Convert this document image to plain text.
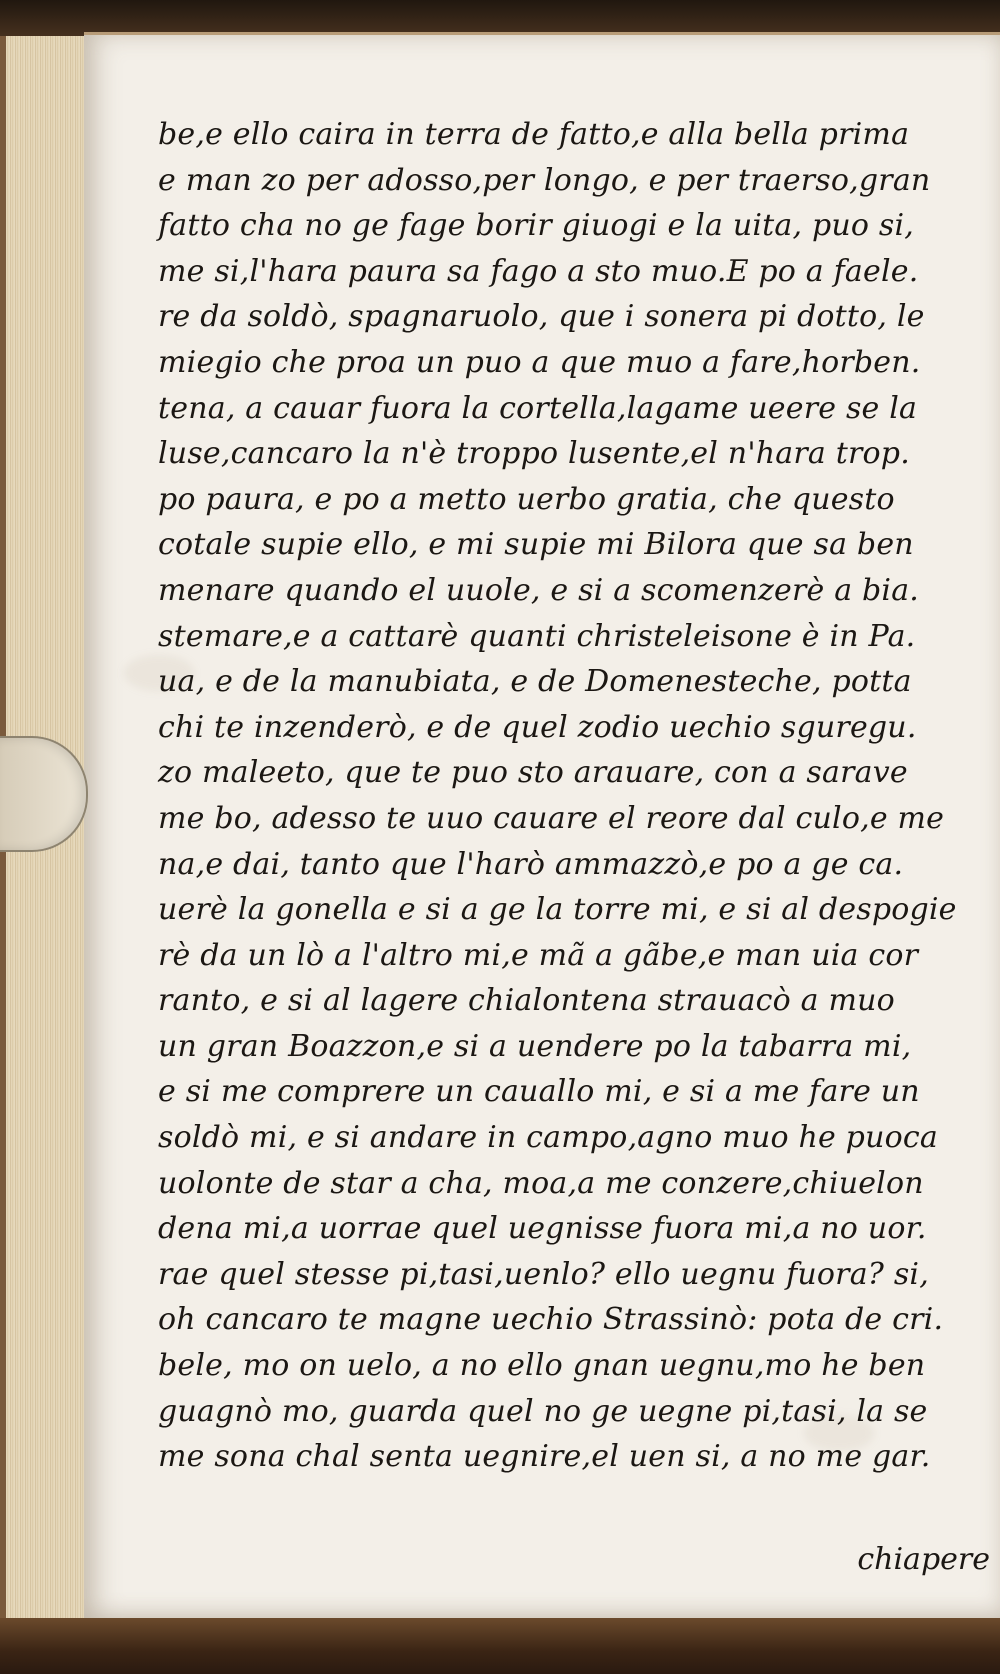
be,e ello caira in terra de fatto,e alla bella prima
e man zo per adosso,per longo, e per traerso,gran
fatto cha no ge fage borir giuogi e la uita, puo si,
me si,l'hara paura sa fago a sto muo.E po a faele.
re da soldò, spagnaruolo, que i sonera pi dotto, le
miegio che proa un puo a que muo a fare,horben.
tena, a cauar fuora la cortella,lagame ueere se la
luse,cancaro la n'è troppo lusente,el n'hara trop.
po paura, e po a metto uerbo gratia, che questo
cotale supie ello, e mi supie mi Bilora que sa ben
menare quando el uuole, e si a scomenzerè a bia.
stemare,e a cattarè quanti christeleisone è in Pa.
ua, e de la manubiata, e de Domenesteche, potta
chi te inzenderò, e de quel zodio uechio sguregu.
zo maleeto, que te puo sto arauare, con a sarave
me bo, adesso te uuo cauare el reore dal culo,e me
na,e dai, tanto que l'harò ammazzò,e po a ge ca.
uerè la gonella e si a ge la torre mi, e si al despogie
rè da un lò a l'altro mi,e mã a gãbe,e man uia cor
ranto, e si al lagere chialontena strauacò a muo
un gran Boazzon,e si a uendere po la tabarra mi,
e si me comprere un cauallo mi, e si a me fare un
soldò mi, e si andare in campo,agno muo he puoca
uolonte de star a cha, moa,a me conzere,chiuelon
dena mi,a uorrae quel uegnisse fuora mi,a no uor.
rae quel stesse pi,tasi,uenlo? ello uegnu fuora? si,
oh cancaro te magne uechio Strassinò: pota de cri.
bele, mo on uelo, a no ello gnan uegnu,mo he ben
guagnò mo, guarda quel no ge uegne pi,tasi, la se
me sona chal senta uegnire,el uen si, a no me gar.
chiapere
